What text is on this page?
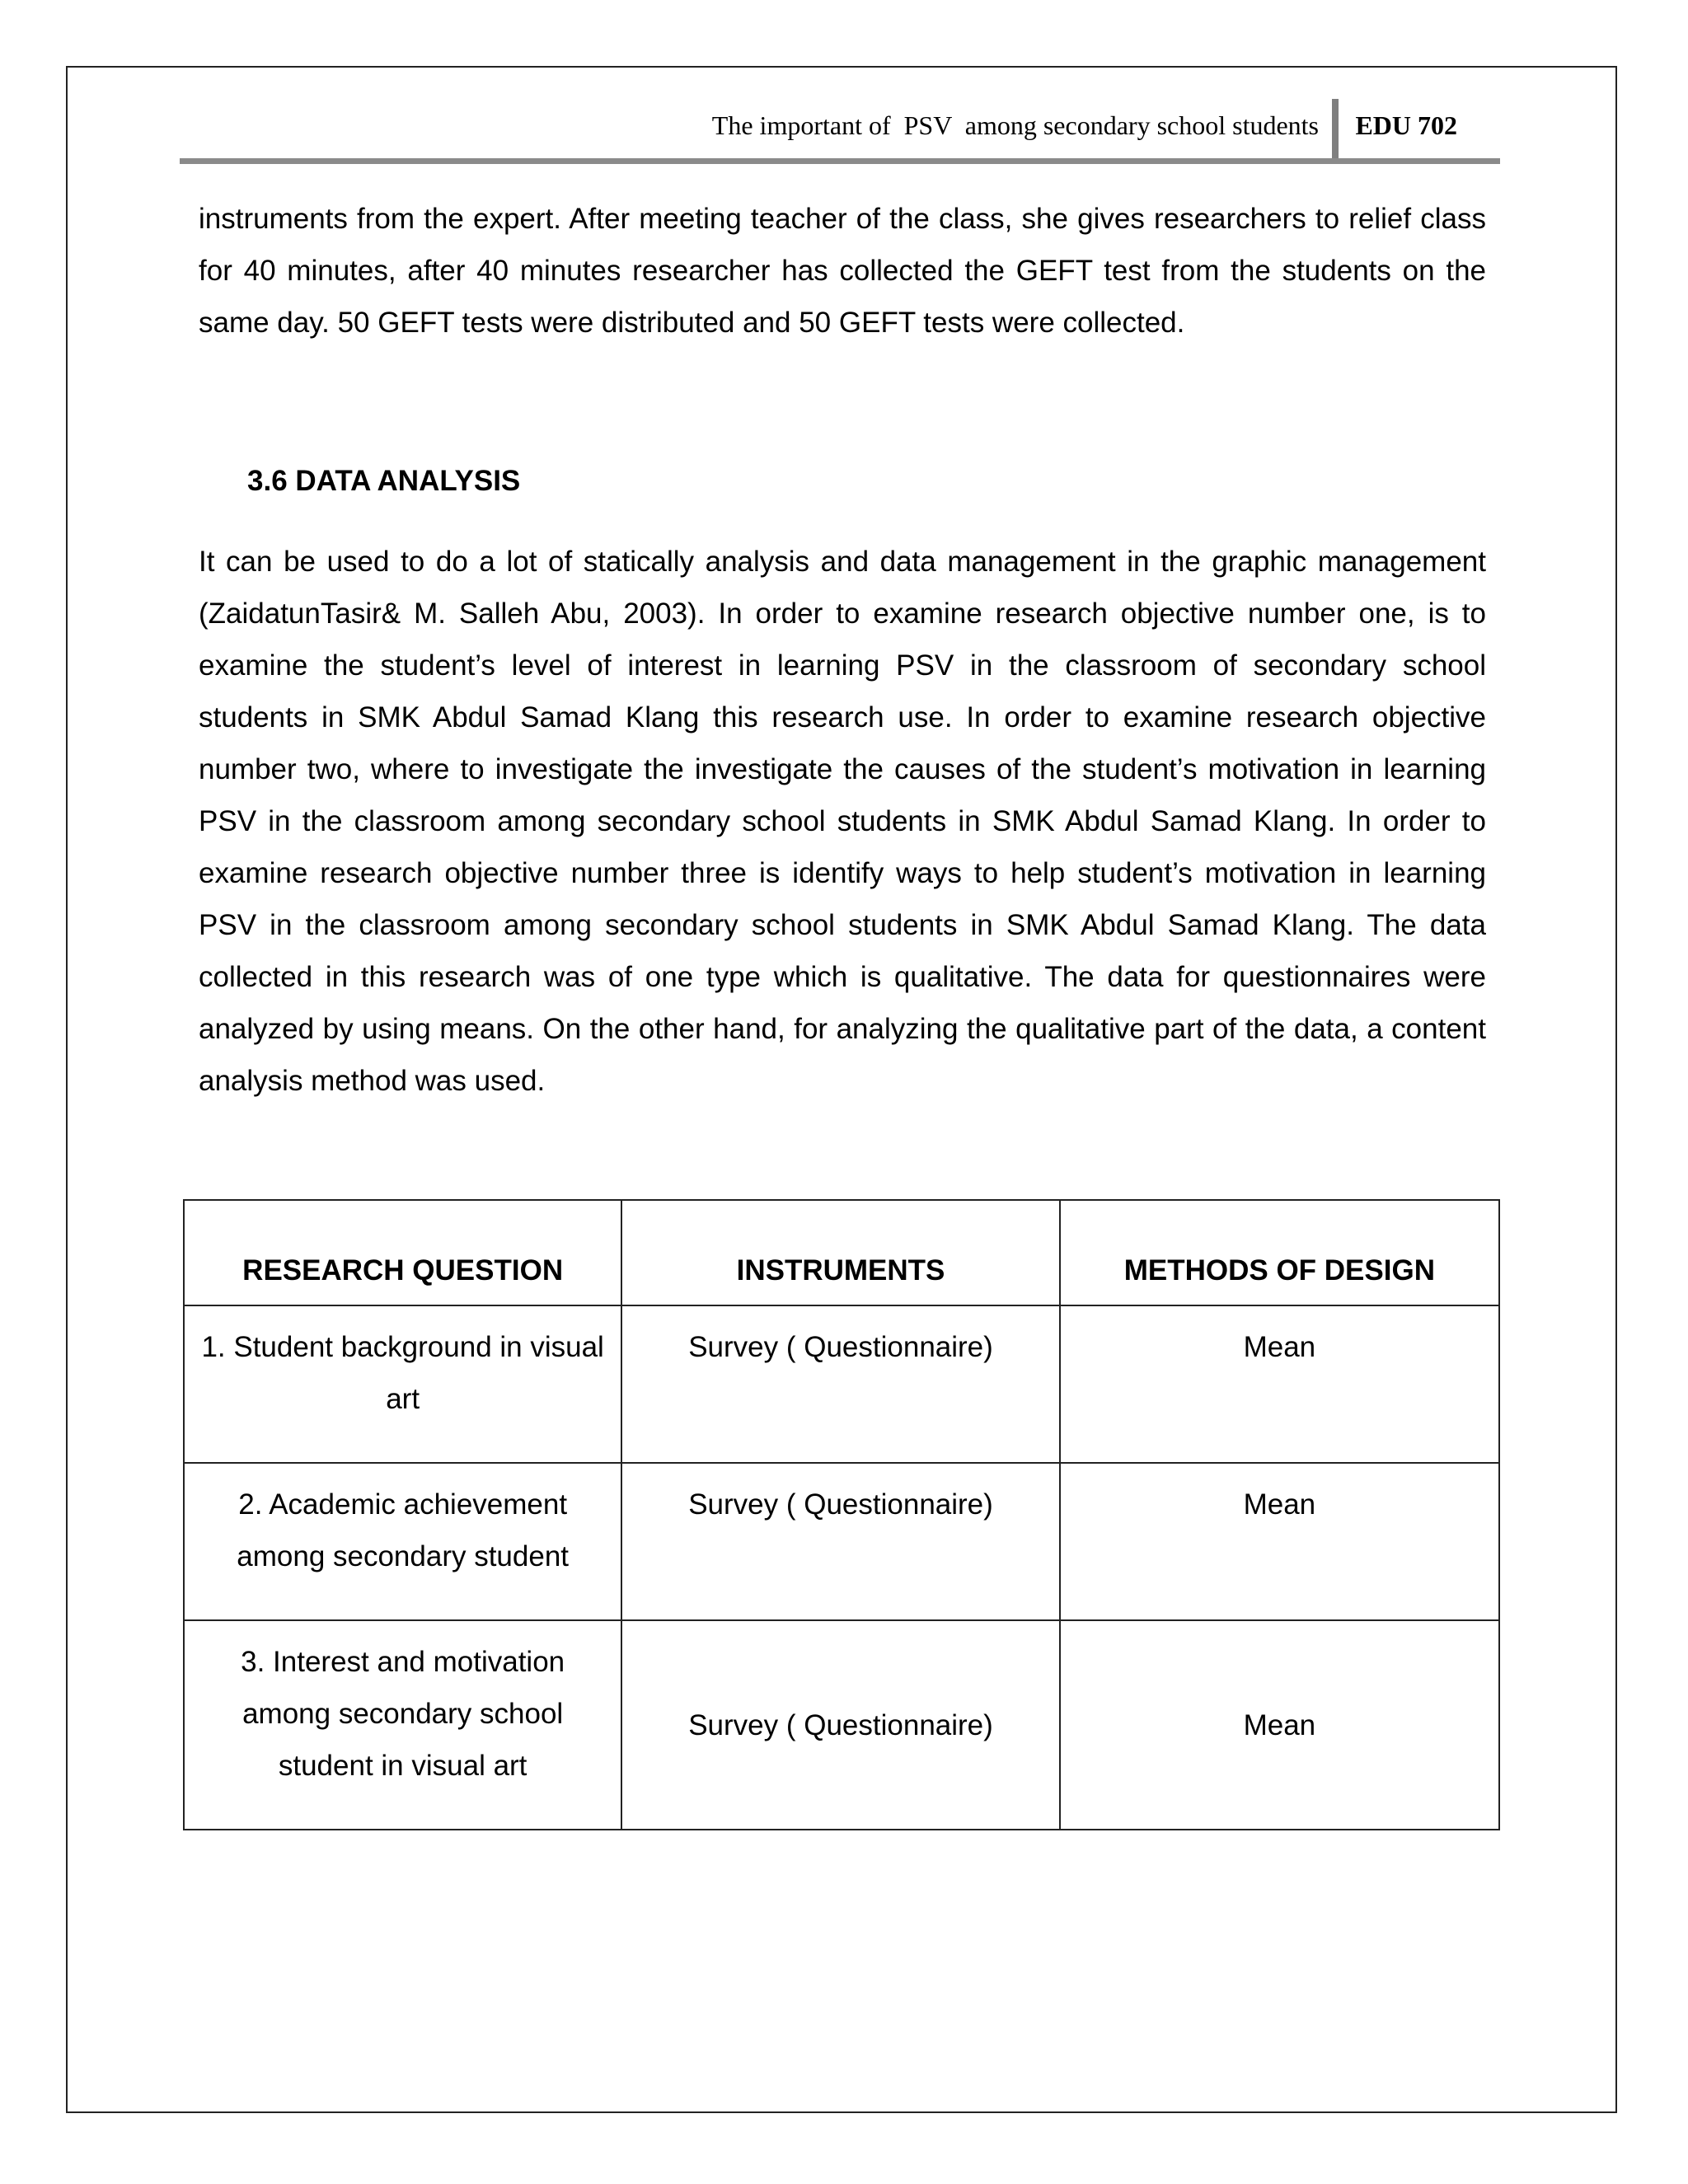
The important of  PSV  among secondary school students EDU 702

instruments from the expert. After meeting teacher of the class, she gives researchers to relief class for 40 minutes, after 40 minutes researcher has collected the GEFT test from the students on the same day. 50 GEFT tests were distributed and 50 GEFT tests were collected.

3.6 DATA ANALYSIS

It can be used to do a lot of statically analysis and data management in the graphic management (ZaidatunTasir& M. Salleh Abu, 2003). In order to examine research objective number one, is to examine the student’s level of interest in learning PSV in the classroom of secondary school students in SMK Abdul Samad Klang this research use. In order to examine research objective number two, where to investigate the investigate the causes of the student’s motivation in learning PSV in the classroom among secondary school students in SMK Abdul Samad Klang. In order to examine research objective number three is identify ways to help student’s motivation in learning PSV in the classroom among secondary school students in SMK Abdul Samad Klang. The data collected in this research was of one type which is qualitative. The data for questionnaires were analyzed by using means. On the other hand, for analyzing the qualitative part of the data, a content analysis method was used.

RESEARCH QUESTION	INSTRUMENTS	METHODS OF DESIGN
1. Student background in visual art	Survey ( Questionnaire)	Mean
2. Academic achievement among secondary student	Survey ( Questionnaire)	Mean
3. Interest and motivation among secondary school student in visual art	Survey ( Questionnaire)	Mean
